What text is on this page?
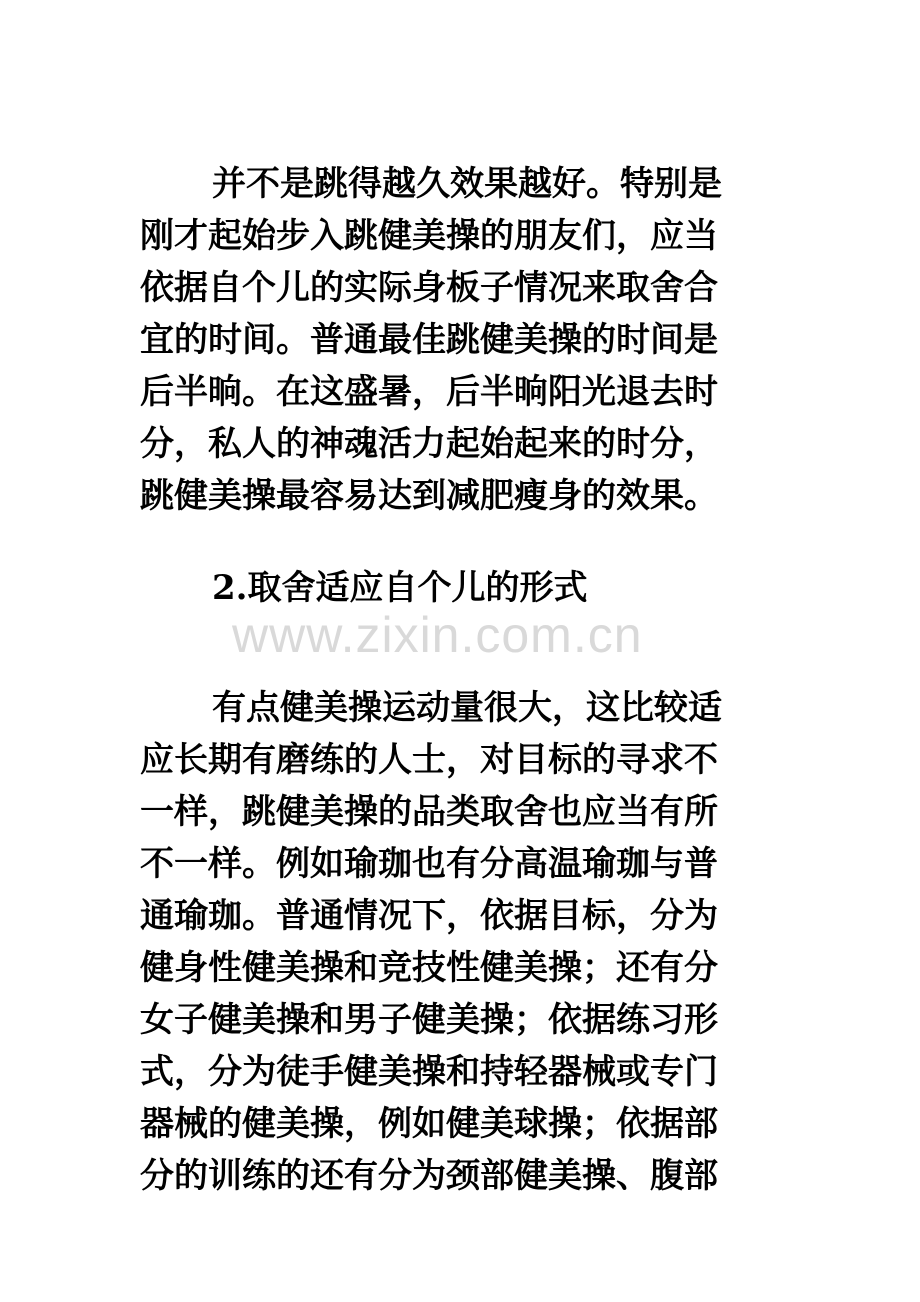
并不是跳得越久效果越好。特别是
刚才起始步入跳健美操的朋友们，应当
依据自个儿的实际身板子情况来取舍合
宜的时间。普通最佳跳健美操的时间是
后半晌。在这盛暑，后半晌阳光退去时
分，私人的神魂活力起始起来的时分，
跳健美操最容易达到减肥瘦身的效果。
2.取舍适应自个儿的形式
www.zixin.com.cn
有点健美操运动量很大，这比较适
应长期有磨练的人士，对目标的寻求不
一样，跳健美操的品类取舍也应当有所
不一样。例如瑜珈也有分高温瑜珈与普
通瑜珈。普通情况下，依据目标，分为
健身性健美操和竞技性健美操；还有分
女子健美操和男子健美操；依据练习形
式，分为徒手健美操和持轻器械或专门
器械的健美操，例如健美球操；依据部
分的训练的还有分为颈部健美操、腹部
